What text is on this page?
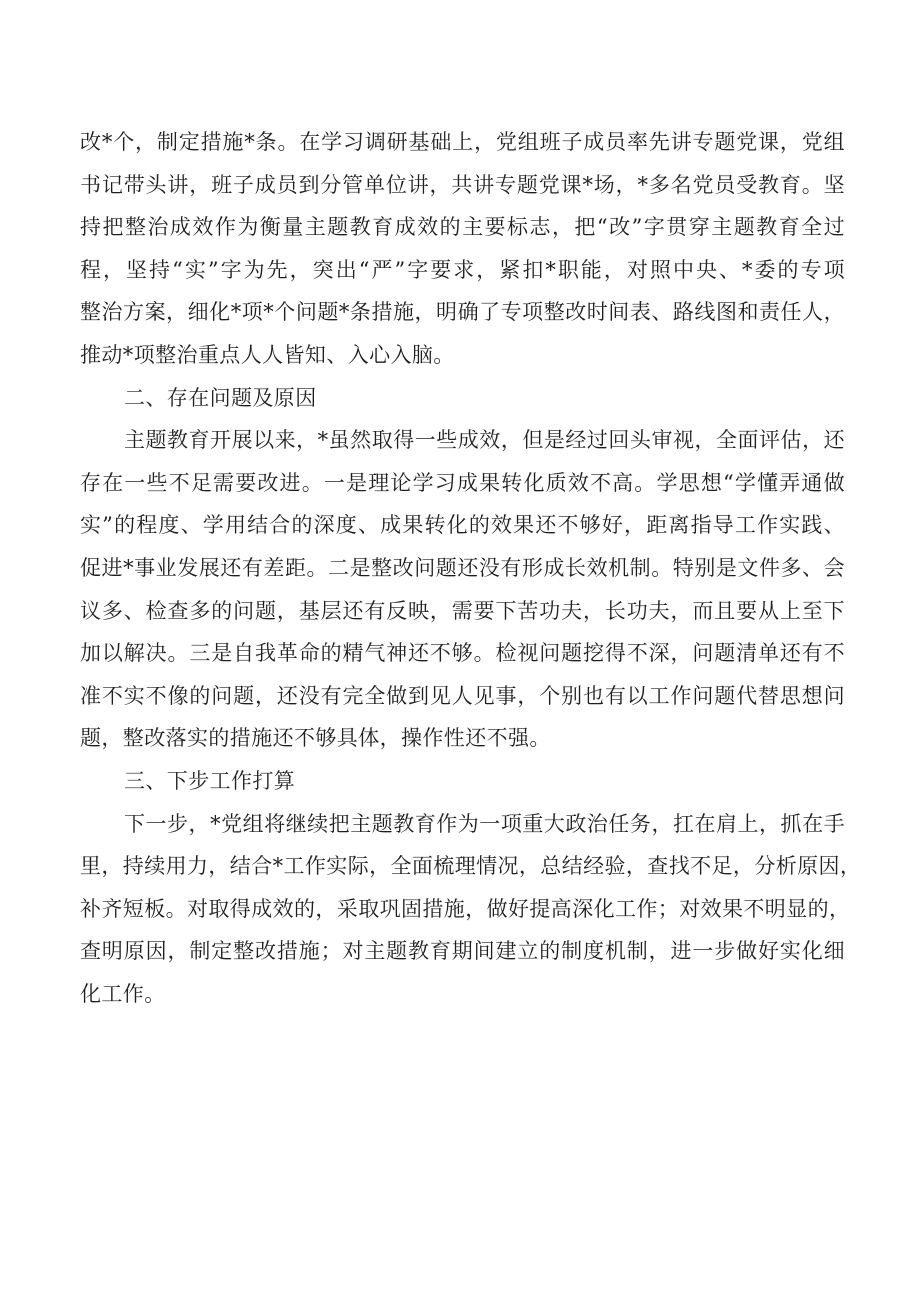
改*个，制定措施*条。在学习调研基础上，党组班子成员率先讲专题党课，党组
书记带头讲，班子成员到分管单位讲，共讲专题党课*场，*多名党员受教育。坚
持把整治成效作为衡量主题教育成效的主要标志，把“改”字贯穿主题教育全过
程，坚持“实”字为先，突出“严”字要求，紧扣*职能，对照中央、*委的专项
整治方案，细化*项*个问题*条措施，明确了专项整改时间表、路线图和责任人，
推动*项整治重点人人皆知、入心入脑。
二、存在问题及原因
主题教育开展以来，*虽然取得一些成效，但是经过回头审视，全面评估，还
存在一些不足需要改进。一是理论学习成果转化质效不高。学思想“学懂弄通做
实”的程度、学用结合的深度、成果转化的效果还不够好，距离指导工作实践、
促进*事业发展还有差距。二是整改问题还没有形成长效机制。特别是文件多、会
议多、检查多的问题，基层还有反映，需要下苦功夫，长功夫，而且要从上至下
加以解决。三是自我革命的精气神还不够。检视问题挖得不深，问题清单还有不
准不实不像的问题，还没有完全做到见人见事，个别也有以工作问题代替思想问
题，整改落实的措施还不够具体，操作性还不强。
三、下步工作打算
下一步，*党组将继续把主题教育作为一项重大政治任务，扛在肩上，抓在手
里，持续用力，结合*工作实际，全面梳理情况，总结经验，查找不足，分析原因，
补齐短板。对取得成效的，采取巩固措施，做好提高深化工作；对效果不明显的，
查明原因，制定整改措施；对主题教育期间建立的制度机制，进一步做好实化细
化工作。
